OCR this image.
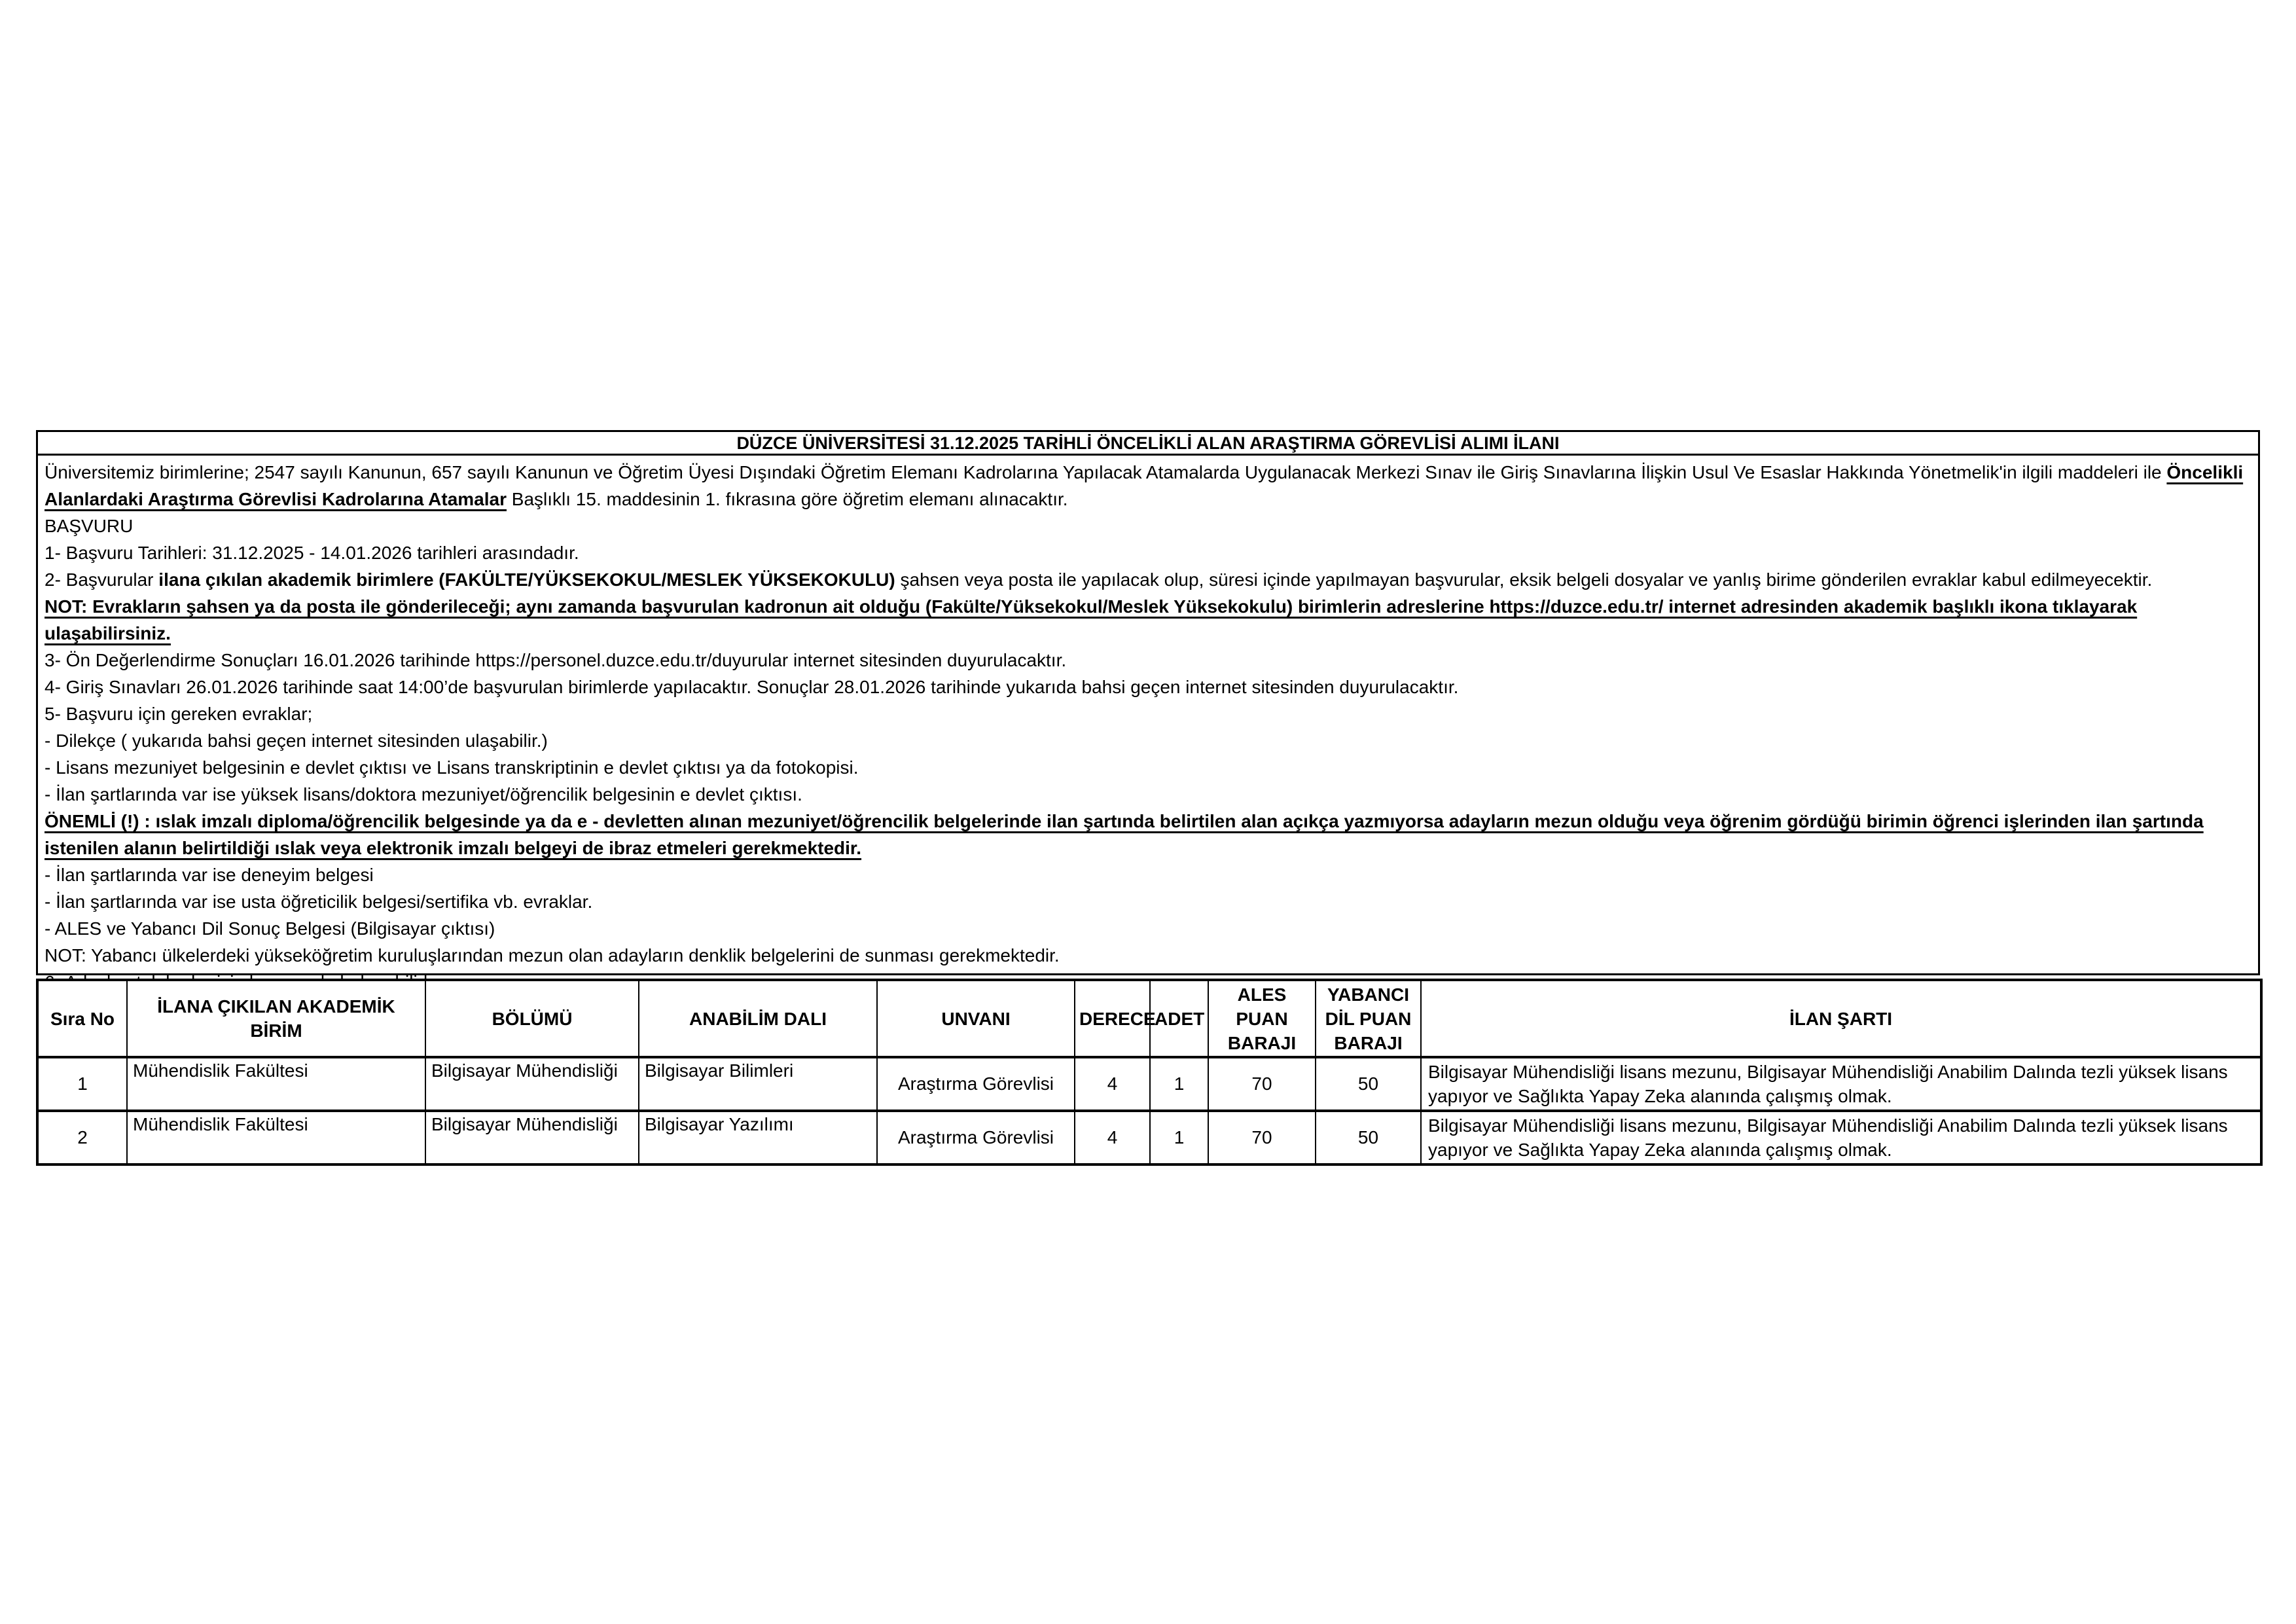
DÜZCE ÜNİVERSİTESİ 31.12.2025 TARİHLİ ÖNCELİKLİ ALAN ARAŞTIRMA GÖREVLİSİ ALIMI İLANI

Üniversitemiz birimlerine; 2547 sayılı Kanunun, 657 sayılı Kanunun ve Öğretim Üyesi Dışındaki Öğretim Elemanı Kadrolarına Yapılacak Atamalarda Uygulanacak Merkezi Sınav ile Giriş Sınavlarına İlişkin Usul Ve Esaslar Hakkında Yönetmelik'in ilgili maddeleri ile Öncelikli Alanlardaki Araştırma Görevlisi Kadrolarına Atamalar Başlıklı 15. maddesinin 1. fıkrasına göre öğretim elemanı alınacaktır.

BAŞVURU

1- Başvuru Tarihleri: 31.12.2025 - 14.01.2026 tarihleri arasındadır.

2- Başvurular ilana çıkılan akademik birimlere (FAKÜLTE/YÜKSEKOKUL/MESLEK YÜKSEKOKULU) şahsen veya posta ile yapılacak olup, süresi içinde yapılmayan başvurular, eksik belgeli dosyalar ve yanlış birime gönderilen evraklar kabul edilmeyecektir.

NOT: Evrakların şahsen ya da posta ile gönderileceği; aynı zamanda başvurulan kadronun ait olduğu (Fakülte/Yüksekokul/Meslek Yüksekokulu) birimlerin adreslerine https://duzce.edu.tr/ internet adresinden akademik başlıklı ikona tıklayarak ulaşabilirsiniz.

3- Ön Değerlendirme Sonuçları 16.01.2026 tarihinde https://personel.duzce.edu.tr/duyurular internet sitesinden duyurulacaktır.

4- Giriş Sınavları 26.01.2026 tarihinde saat 14:00’de başvurulan birimlerde yapılacaktır. Sonuçlar 28.01.2026 tarihinde yukarıda bahsi geçen internet sitesinden duyurulacaktır.

5- Başvuru için gereken evraklar;

- Dilekçe ( yukarıda bahsi geçen internet sitesinden ulaşabilir.)

- Lisans mezuniyet belgesinin e devlet çıktısı ve Lisans transkriptinin e devlet çıktısı ya da fotokopisi.

- İlan şartlarında var ise yüksek lisans/doktora mezuniyet/öğrencilik belgesinin e devlet çıktısı.

ÖNEMLİ (!) : ıslak imzalı diploma/öğrencilik belgesinde ya da e - devletten alınan mezuniyet/öğrencilik belgelerinde ilan şartında belirtilen alan açıkça yazmıyorsa adayların mezun olduğu veya öğrenim gördüğü birimin öğrenci işlerinden ilan şartında istenilen alanın belirtildiği ıslak veya elektronik imzalı belgeyi de ibraz etmeleri gerekmektedir.

- İlan şartlarında var ise deneyim belgesi

- İlan şartlarında var ise usta öğreticilik belgesi/sertifika vb. evraklar.

- ALES ve Yabancı Dil Sonuç Belgesi (Bilgisayar çıktısı)

NOT: Yabancı ülkelerdeki yükseköğretim kuruluşlarından mezun olan adayların denklik belgelerini de sunması gerekmektedir.

Sıra No	İLANA ÇIKILAN AKADEMİK BİRİM	BÖLÜMÜ	ANABİLİM DALI	UNVANI	DERECE	ADET	ALES PUAN BARAJI	YABANCI DİL PUAN BARAJI	İLAN ŞARTI
1	Mühendislik Fakültesi	Bilgisayar Mühendisliği	Bilgisayar Bilimleri	Araştırma Görevlisi	4	1	70	50	Bilgisayar Mühendisliği lisans mezunu, Bilgisayar Mühendisliği Anabilim Dalında tezli yüksek lisans yapıyor ve Sağlıkta Yapay Zeka alanında çalışmış olmak.
2	Mühendislik Fakültesi	Bilgisayar Mühendisliği	Bilgisayar Yazılımı	Araştırma Görevlisi	4	1	70	50	Bilgisayar Mühendisliği lisans mezunu, Bilgisayar Mühendisliği Anabilim Dalında tezli yüksek lisans yapıyor ve Sağlıkta Yapay Zeka alanında çalışmış olmak.
